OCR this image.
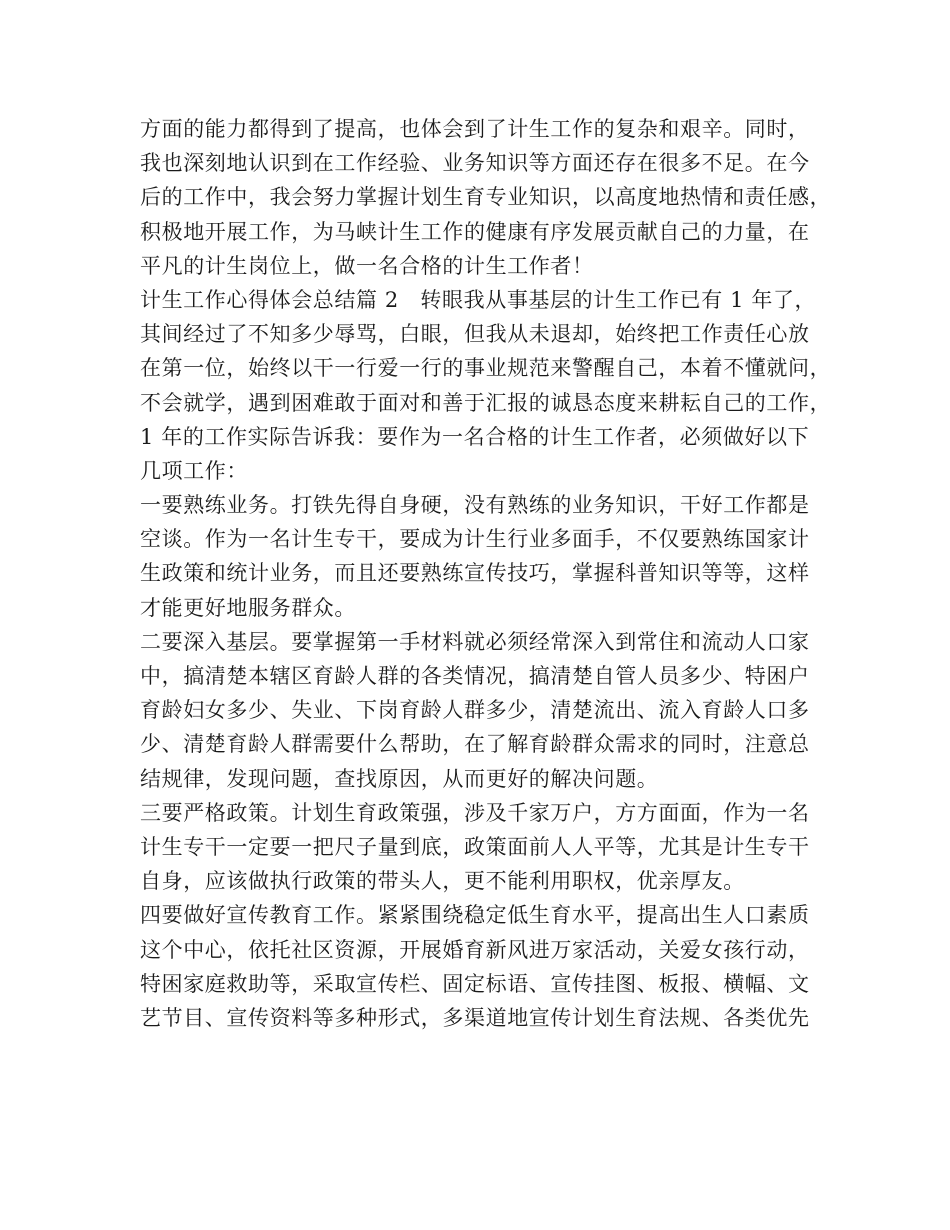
方面的能力都得到了提高，也体会到了计生工作的复杂和艰辛。同时，
我也深刻地认识到在工作经验、业务知识等方面还存在很多不足。在今
后的工作中，我会努力掌握计划生育专业知识，以高度地热情和责任感，
积极地开展工作，为马峡计生工作的健康有序发展贡献自己的力量，在
平凡的计生岗位上，做一名合格的计生工作者！
计生工作心得体会总结篇 2　转眼我从事基层的计生工作已有 1 年了，
其间经过了不知多少辱骂，白眼，但我从未退却，始终把工作责任心放
在第一位，始终以干一行爱一行的事业规范来警醒自己，本着不懂就问，
不会就学，遇到困难敢于面对和善于汇报的诚恳态度来耕耘自己的工作，
1 年的工作实际告诉我：要作为一名合格的计生工作者，必须做好以下
几项工作：
一要熟练业务。打铁先得自身硬，没有熟练的业务知识，干好工作都是
空谈。作为一名计生专干，要成为计生行业多面手，不仅要熟练国家计
生政策和统计业务，而且还要熟练宣传技巧，掌握科普知识等等，这样
才能更好地服务群众。
二要深入基层。要掌握第一手材料就必须经常深入到常住和流动人口家
中，搞清楚本辖区育龄人群的各类情况，搞清楚自管人员多少、特困户
育龄妇女多少、失业、下岗育龄人群多少，清楚流出、流入育龄人口多
少、清楚育龄人群需要什么帮助，在了解育龄群众需求的同时，注意总
结规律，发现问题，查找原因，从而更好的解决问题。
三要严格政策。计划生育政策强，涉及千家万户，方方面面，作为一名
计生专干一定要一把尺子量到底，政策面前人人平等，尤其是计生专干
自身，应该做执行政策的带头人，更不能利用职权，优亲厚友。
四要做好宣传教育工作。紧紧围绕稳定低生育水平，提高出生人口素质
这个中心，依托社区资源，开展婚育新风进万家活动，关爱女孩行动，
特困家庭救助等，采取宣传栏、固定标语、宣传挂图、板报、横幅、文
艺节目、宣传资料等多种形式，多渠道地宣传计划生育法规、各类优先
